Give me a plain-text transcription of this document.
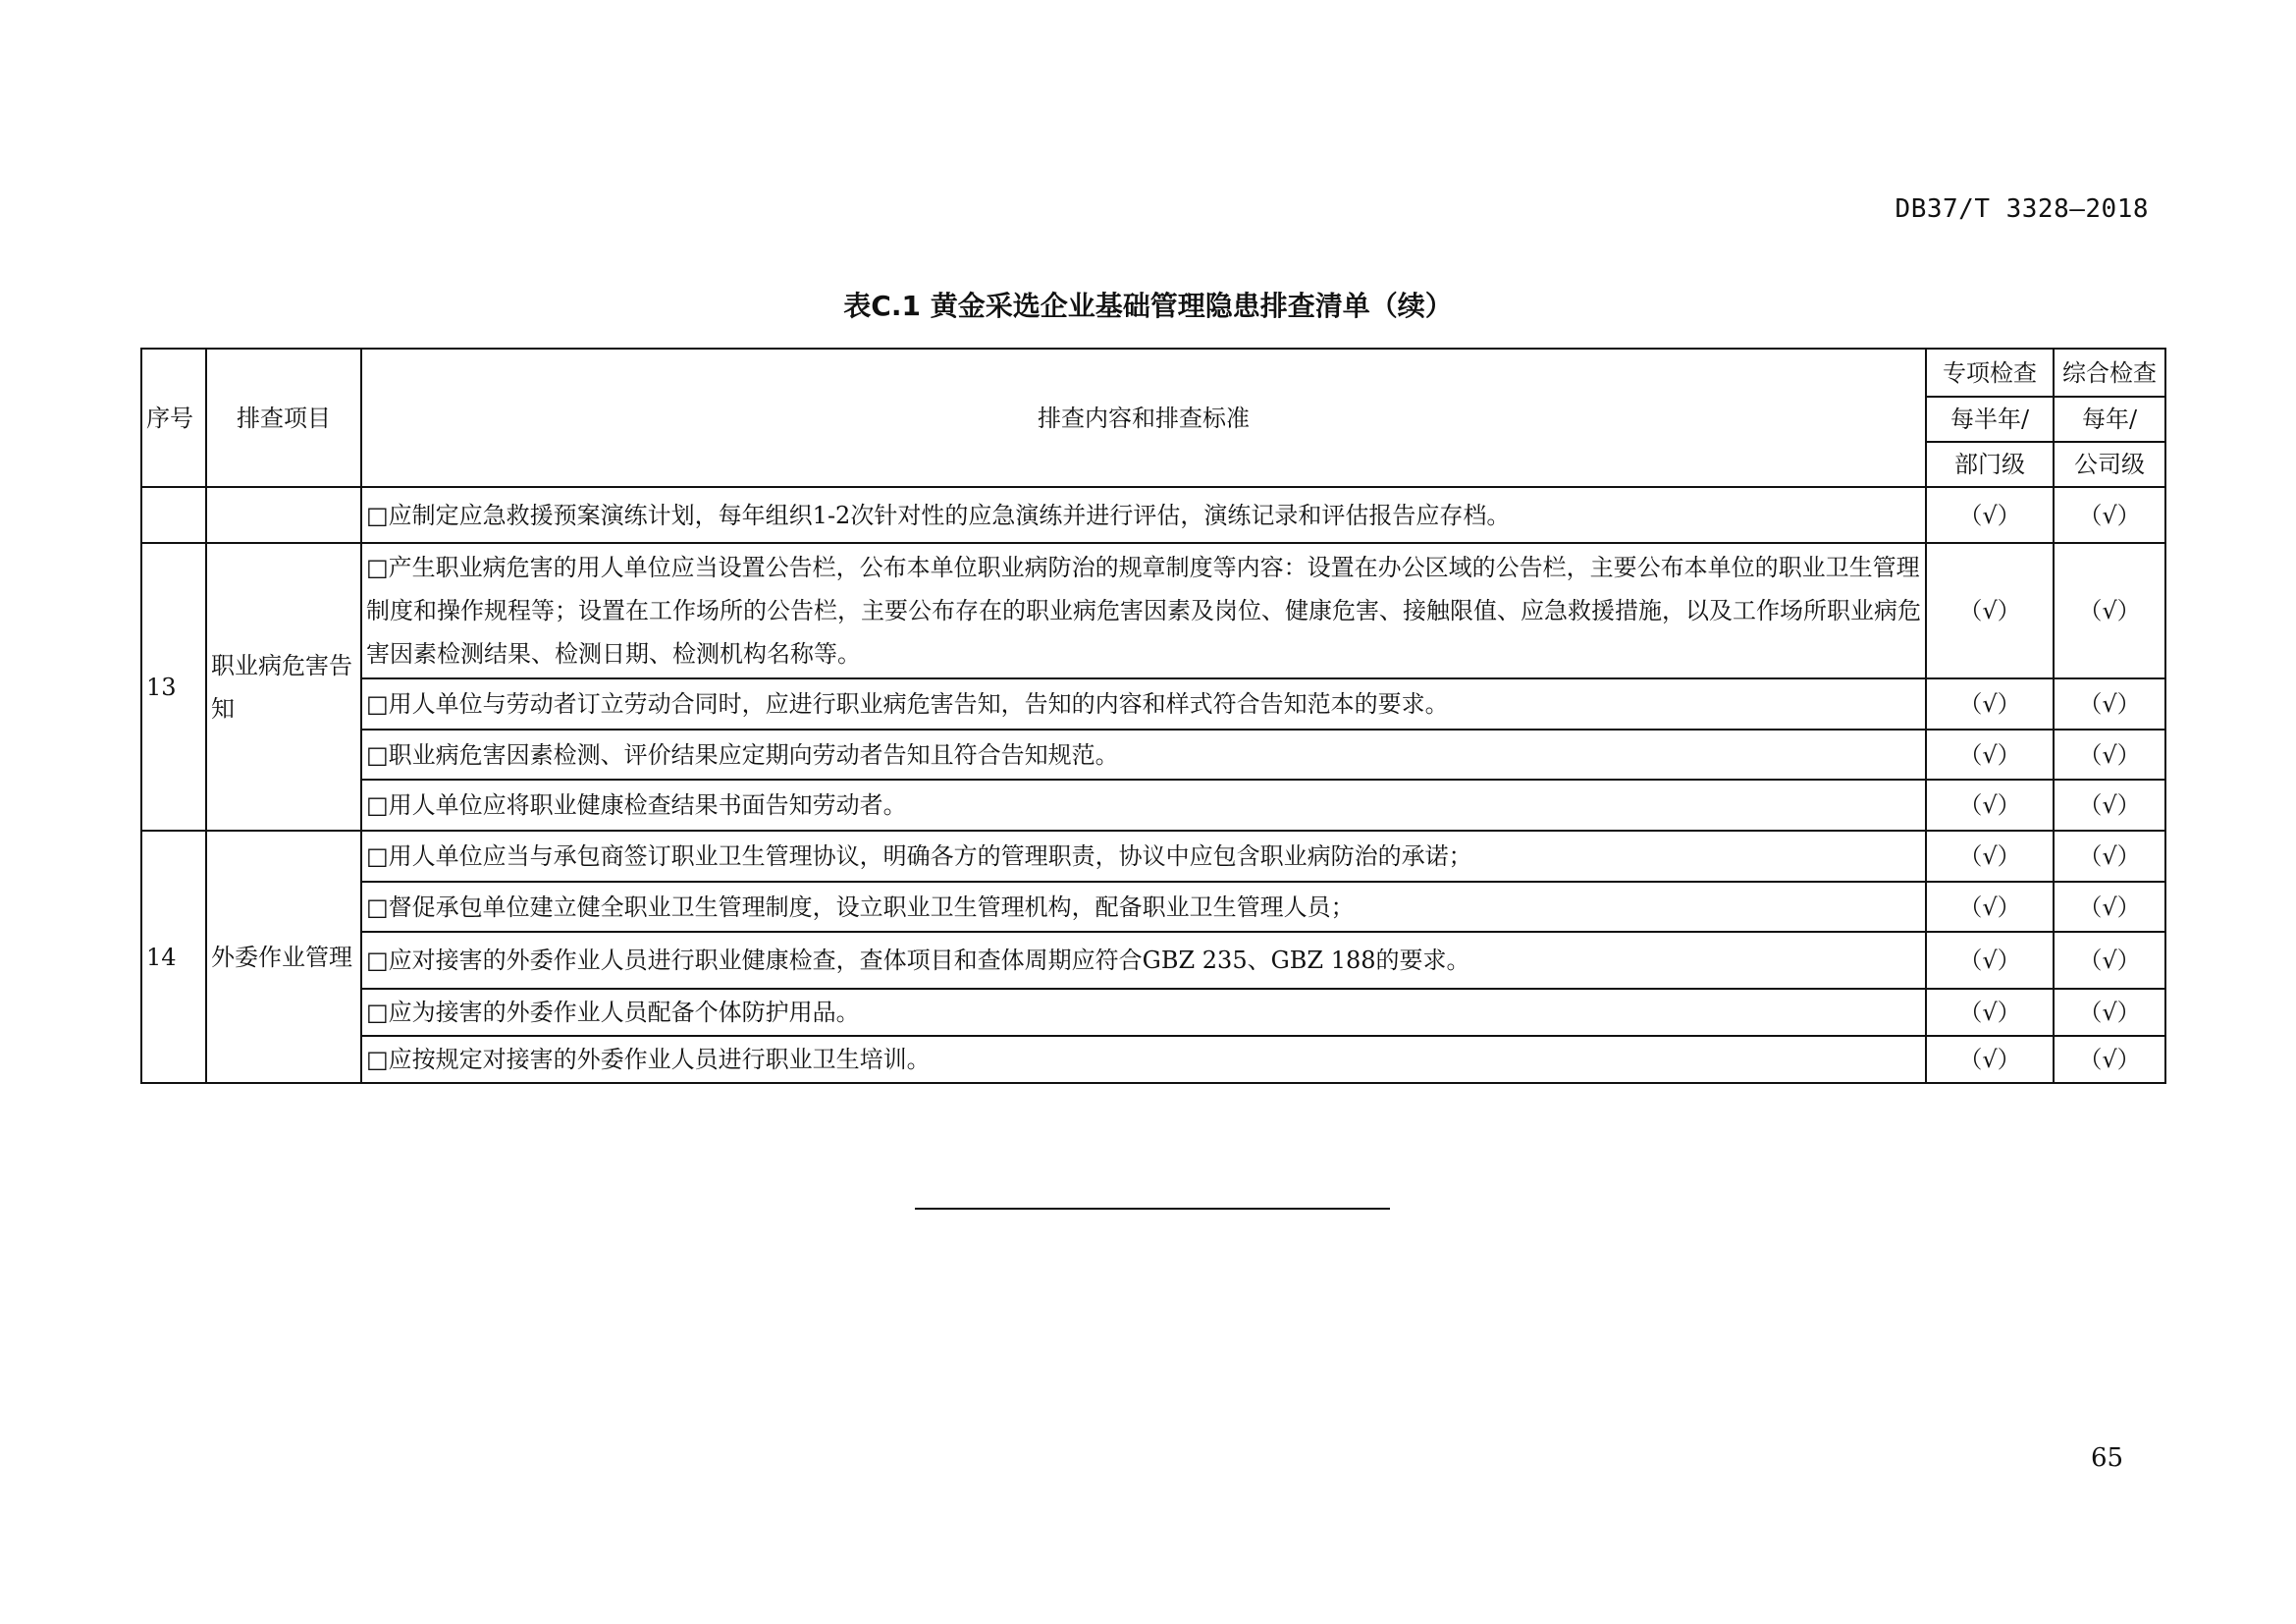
DB37/T 3328—2018
表C.1 黄金采选企业基础管理隐患排查清单（续）
序号	排查项目	排查内容和排查标准	专项检查	综合检查
			每半年/	每年/
			部门级	公司级
		□应制定应急救援预案演练计划，每年组织1-2次针对性的应急演练并进行评估，演练记录和评估报告应存档。	（√）	（√）
13	职业病危害告知	□产生职业病危害的用人单位应当设置公告栏，公布本单位职业病防治的规章制度等内容：设置在办公区域的公告栏，主要公布本单位的职业卫生管理制度和操作规程等；设置在工作场所的公告栏，主要公布存在的职业病危害因素及岗位、健康危害、接触限值、应急救援措施，以及工作场所职业病危害因素检测结果、检测日期、检测机构名称等。	（√）	（√）
		□用人单位与劳动者订立劳动合同时，应进行职业病危害告知，告知的内容和样式符合告知范本的要求。	（√）	（√）
		□职业病危害因素检测、评价结果应定期向劳动者告知且符合告知规范。	（√）	（√）
		□用人单位应将职业健康检查结果书面告知劳动者。	（√）	（√）
14	外委作业管理	□用人单位应当与承包商签订职业卫生管理协议，明确各方的管理职责，协议中应包含职业病防治的承诺；	（√）	（√）
		□督促承包单位建立健全职业卫生管理制度，设立职业卫生管理机构，配备职业卫生管理人员；	（√）	（√）
		□应对接害的外委作业人员进行职业健康检查，查体项目和查体周期应符合GBZ 235、GBZ 188的要求。	（√）	（√）
		□应为接害的外委作业人员配备个体防护用品。	（√）	（√）
		□应按规定对接害的外委作业人员进行职业卫生培训。	（√）	（√）
65
